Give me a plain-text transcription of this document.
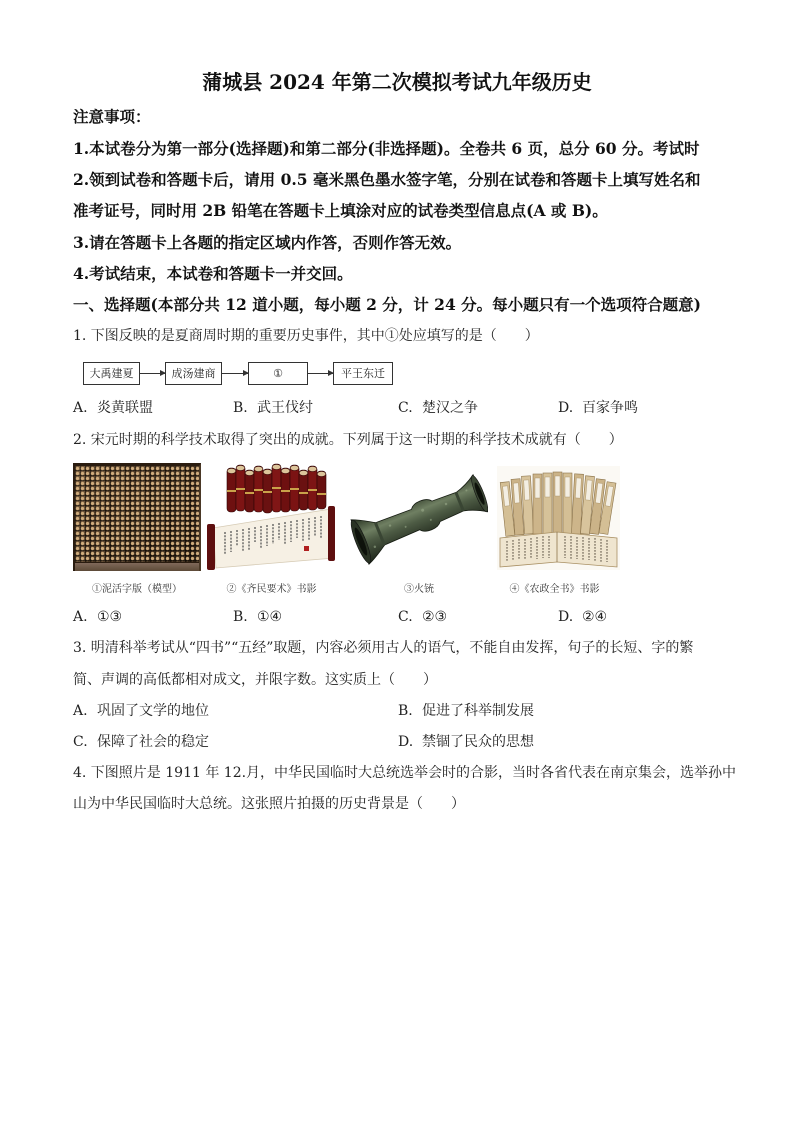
蒲城县 2024 年第二次模拟考试九年级历史
注意事项：
1.本试卷分为第一部分(选择题)和第二部分(非选择题)。全卷共 6 页，总分 60 分。考试时
2.领到试卷和答题卡后，请用 0.5 毫米黑色墨水签字笔，分别在试卷和答题卡上填写姓名和
准考证号，同时用 2B 铅笔在答题卡上填涂对应的试卷类型信息点(A 或 B)。
3.请在答题卡上各题的指定区域内作答，否则作答无效。
4.考试结束，本试卷和答题卡一并交回。
一、选择题(本部分共 12 道小题，每小题 2 分，计 24 分。每小题只有一个选项符合题意)
1. 下图反映的是夏商周时期的重要历史事件，其中①处应填写的是（　　）
大禹建夏	成汤建商	①	平王东迁
A. 炎黄联盟	B. 武王伐纣	C. 楚汉之争	D. 百家争鸣
2. 宋元时期的科学技术取得了突出的成就。下列属于这一时期的科学技术成就有（　　）
①泥活字版（模型）	②《齐民要术》书影	③火铳	④《农政全书》书影
A. ①③	B. ①④	C. ②③	D. ②④
3. 明清科举考试从“四书”“五经”取题，内容必须用古人的语气，不能自由发挥，句子的长短、字的繁
简、声调的高低都相对成文，并限字数。这实质上（　　）
A. 巩固了文学的地位	B. 促进了科举制发展
C. 保障了社会的稳定	D. 禁锢了民众的思想
4. 下图照片是 1911 年 12.月，中华民国临时大总统选举会时的合影，当时各省代表在南京集会，选举孙中
山为中华民国临时大总统。这张照片拍摄的历史背景是（　　）
